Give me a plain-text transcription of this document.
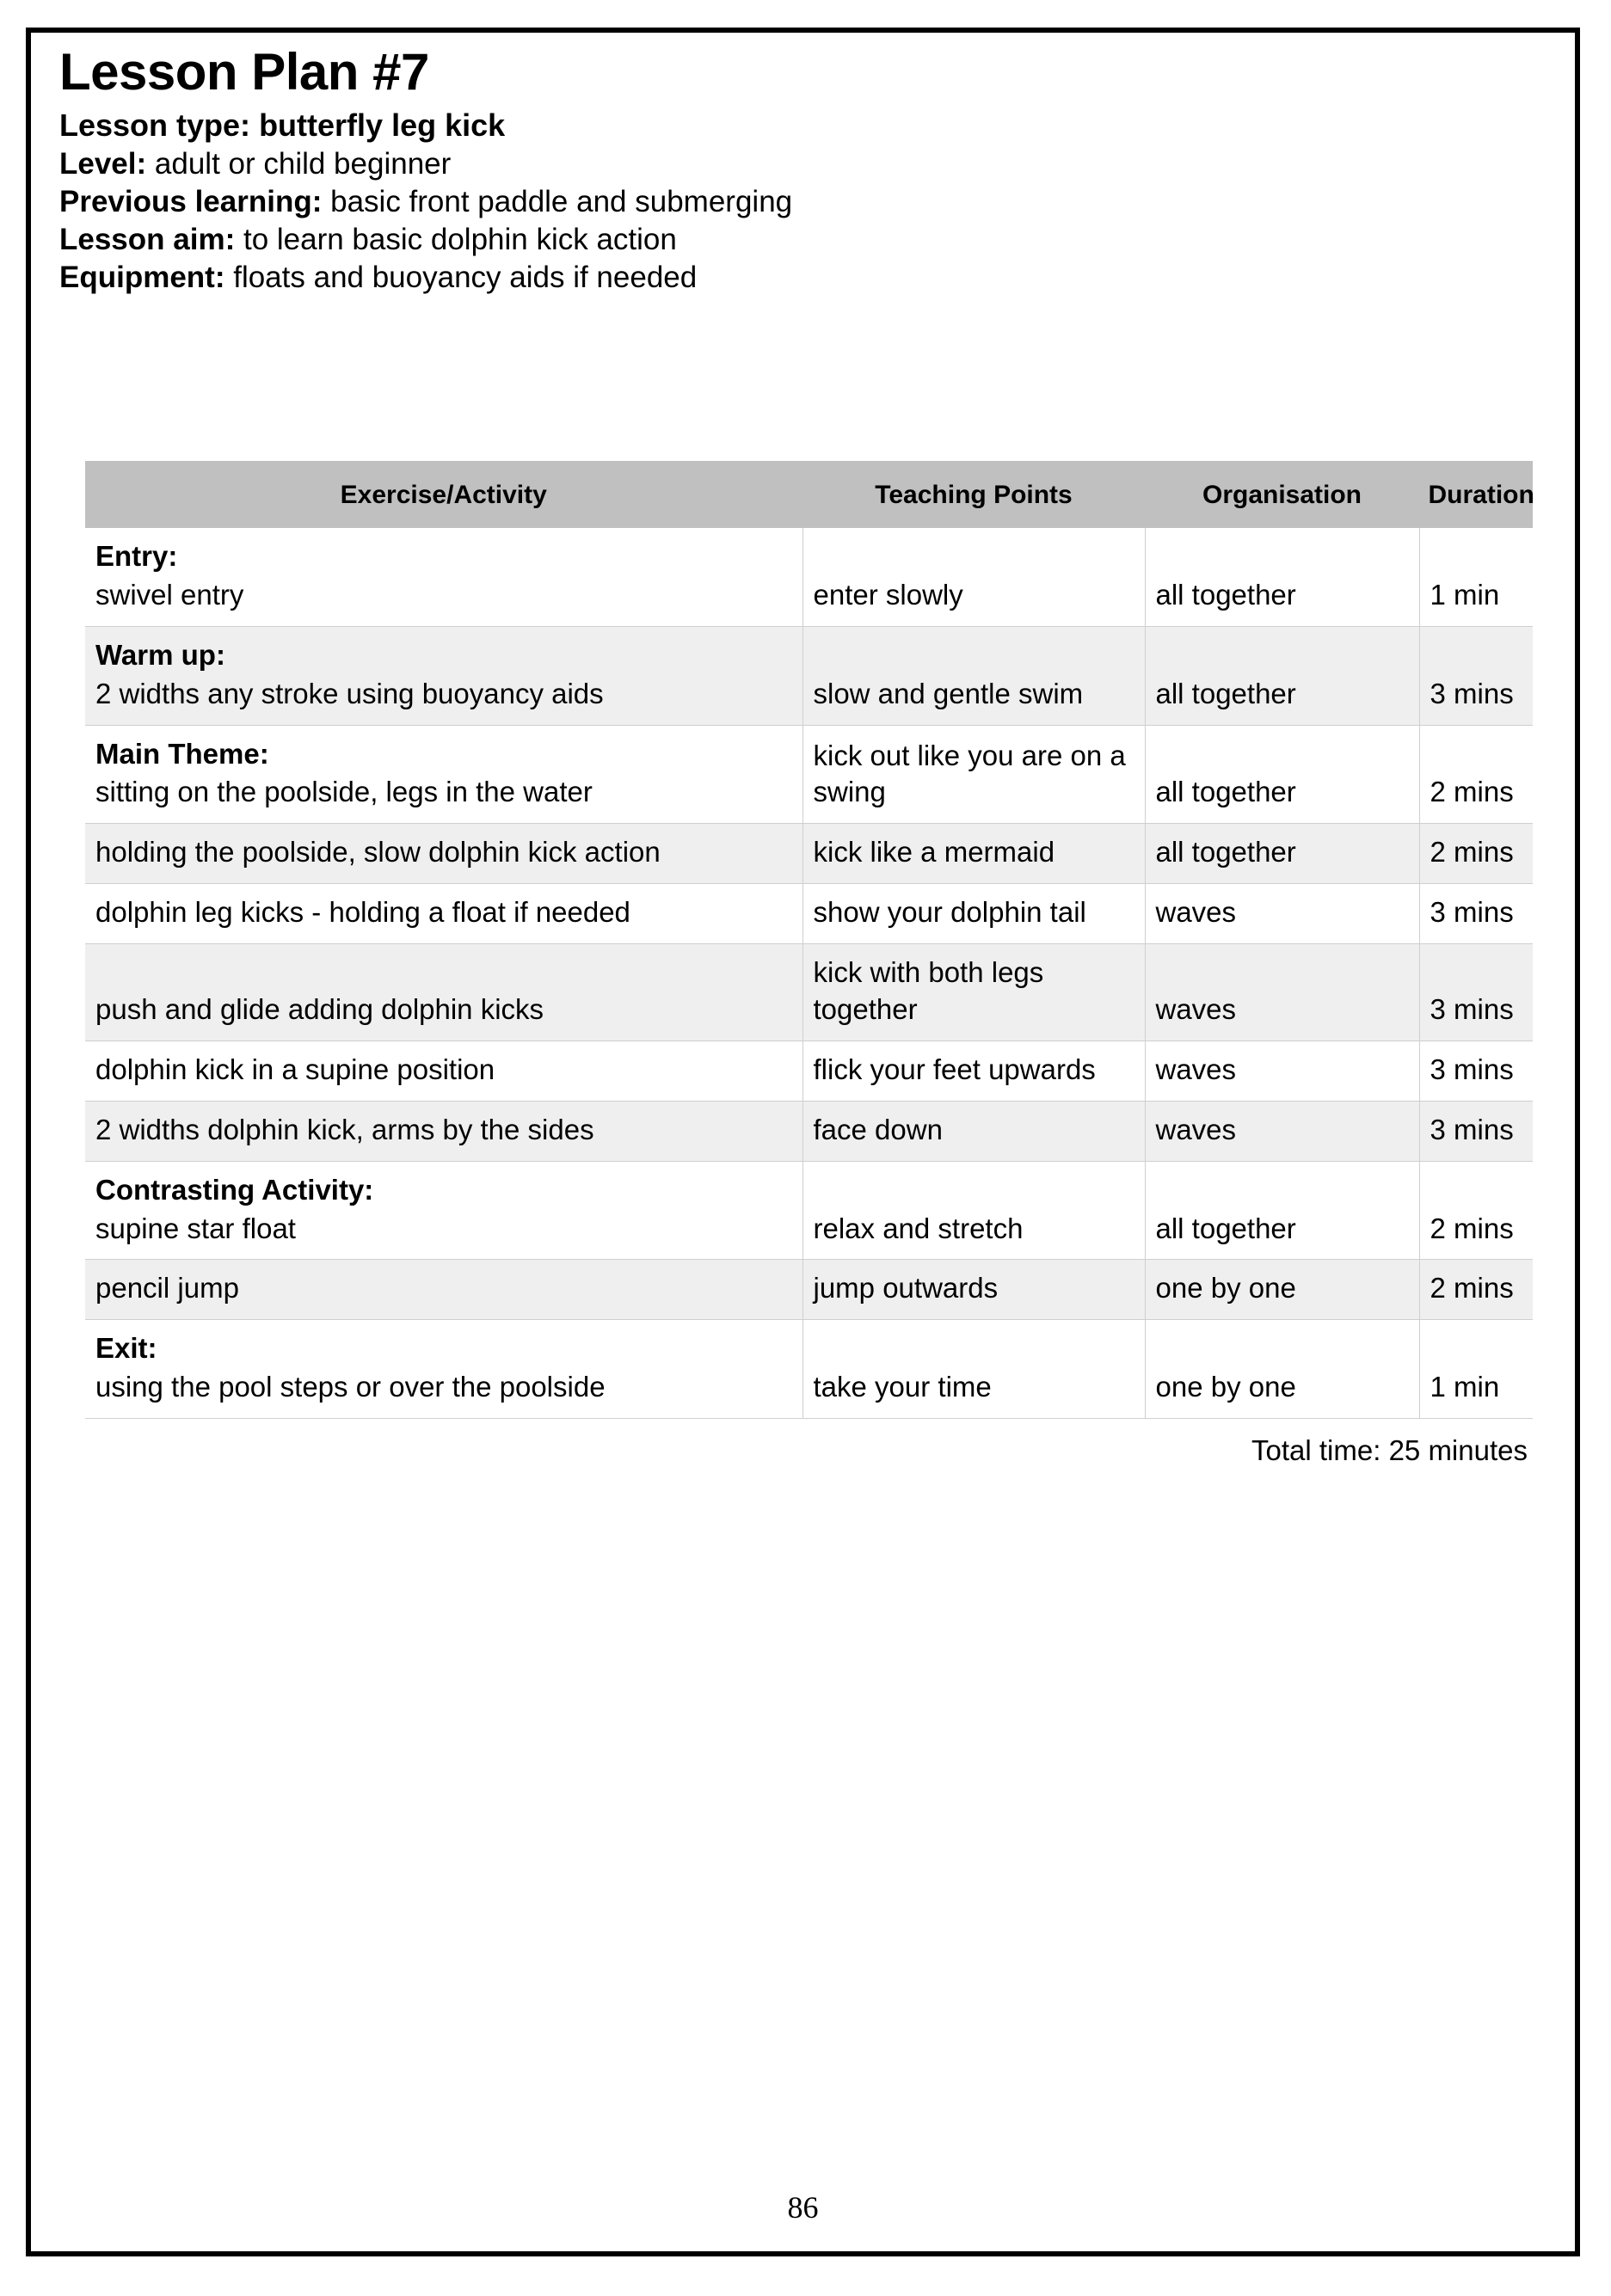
Lesson Plan #7

Lesson type: butterfly leg kick

Level: adult or child beginner

Previous learning: basic front paddle and submerging

Lesson aim: to learn basic dolphin kick action

Equipment: floats and buoyancy aids if needed

Exercise/Activity	Teaching Points	Organisation	Duration

Entry:
swivel entry	enter slowly	all together	1 min

Warm up:
2 widths any stroke using buoyancy aids	slow and gentle swim	all together	3 mins

Main Theme:
sitting on the poolside, legs in the water	kick out like you are on a swing	all together	2 mins
holding the poolside, slow dolphin kick action	kick like a mermaid	all together	2 mins
dolphin leg kicks - holding a float if needed	show your dolphin tail	waves	3 mins
push and glide adding dolphin kicks	kick with both legs together	waves	3 mins
dolphin kick in a supine position	flick your feet upwards	waves	3 mins
2 widths dolphin kick, arms by the sides	face down	waves	3 mins

Contrasting Activity:
supine star float	relax and stretch	all together	2 mins
pencil jump	jump outwards	one by one	2 mins

Exit:
using the pool steps or over the poolside	take your time	one by one	1 min
Total time: 25 minutes
86
